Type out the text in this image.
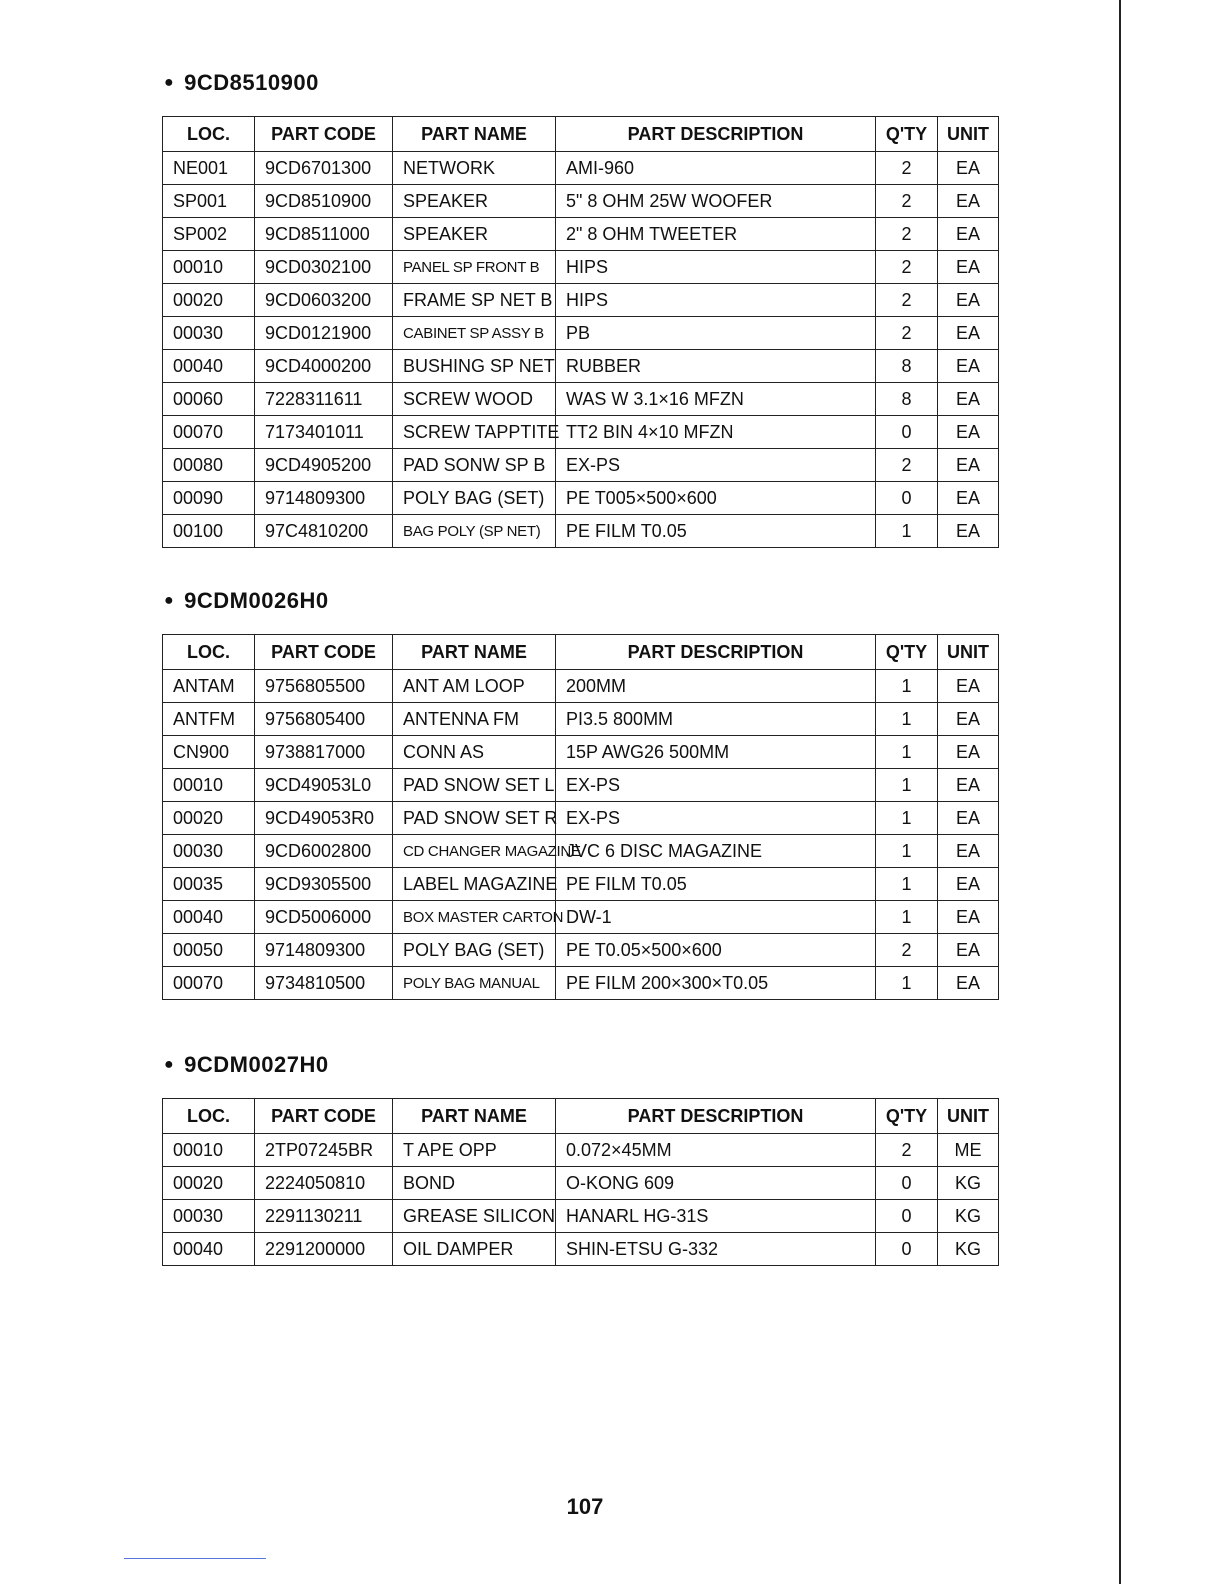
● 9CD8510900
LOC.	PART CODE	PART NAME	PART DESCRIPTION	Q'TY	UNIT
NE001	9CD6701300	NETWORK	AMI-960	2	EA
SP001	9CD8510900	SPEAKER	5" 8 OHM 25W WOOFER	2	EA
SP002	9CD8511000	SPEAKER	2" 8 OHM TWEETER	2	EA
00010	9CD0302100	PANEL SP FRONT B	HIPS	2	EA
00020	9CD0603200	FRAME SP NET B	HIPS	2	EA
00030	9CD0121900	CABINET SP ASSY B	PB	2	EA
00040	9CD4000200	BUSHING SP NET	RUBBER	8	EA
00060	7228311611	SCREW WOOD	WAS W 3.1×16 MFZN	8	EA
00070	7173401011	SCREW TAPPTITE	TT2 BIN 4×10 MFZN	0	EA
00080	9CD4905200	PAD SONW SP B	EX-PS	2	EA
00090	9714809300	POLY BAG (SET)	PE T005×500×600	0	EA
00100	97C4810200	BAG POLY (SP NET)	PE FILM T0.05	1	EA
● 9CDM0026H0
LOC.	PART CODE	PART NAME	PART DESCRIPTION	Q'TY	UNIT
ANTAM	9756805500	ANT AM LOOP	200MM	1	EA
ANTFM	9756805400	ANTENNA FM	PI3.5 800MM	1	EA
CN900	9738817000	CONN AS	15P AWG26 500MM	1	EA
00010	9CD49053L0	PAD SNOW SET L	EX-PS	1	EA
00020	9CD49053R0	PAD SNOW SET R	EX-PS	1	EA
00030	9CD6002800	CD CHANGER MAGAZINE	JVC 6 DISC MAGAZINE	1	EA
00035	9CD9305500	LABEL MAGAZINE	PE FILM T0.05	1	EA
00040	9CD5006000	BOX MASTER CARTON	DW-1	1	EA
00050	9714809300	POLY BAG (SET)	PE T0.05×500×600	2	EA
00070	9734810500	POLY BAG MANUAL	PE FILM 200×300×T0.05	1	EA
● 9CDM0027H0
LOC.	PART CODE	PART NAME	PART DESCRIPTION	Q'TY	UNIT
00010	2TP07245BR	T APE OPP	0.072×45MM	2	ME
00020	2224050810	BOND	O-KONG 609	0	KG
00030	2291130211	GREASE SILICON	HANARL HG-31S	0	KG
00040	2291200000	OIL DAMPER	SHIN-ETSU G-332	0	KG
107
